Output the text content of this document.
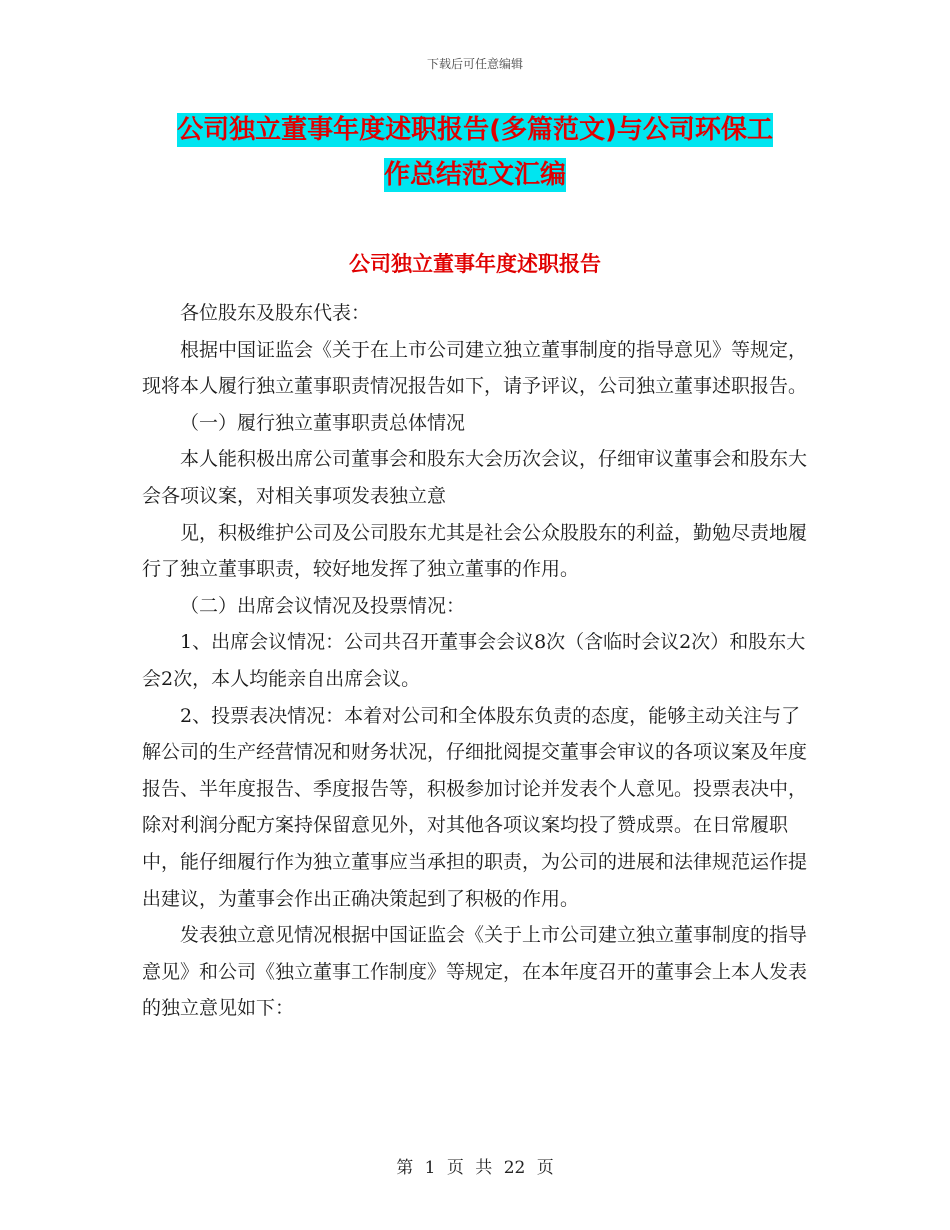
下载后可任意编辑
公司独立董事年度述职报告(多篇范文)与公司环保工
作总结范文汇编
公司独立董事年度述职报告

各位股东及股东代表：

根据中国证监会《关于在上市公司建立独立董事制度的指导意见》等规定，现将本人履行独立董事职责情况报告如下，请予评议，公司独立董事述职报告。

（一）履行独立董事职责总体情况

本人能积极出席公司董事会和股东大会历次会议，仔细审议董事会和股东大会各项议案，对相关事项发表独立意

见，积极维护公司及公司股东尤其是社会公众股股东的利益，勤勉尽责地履行了独立董事职责，较好地发挥了独立董事的作用。

（二）出席会议情况及投票情况：

1、出席会议情况：公司共召开董事会会议8次（含临时会议2次）和股东大会2次，本人均能亲自出席会议。

2、投票表决情况：本着对公司和全体股东负责的态度，能够主动关注与了解公司的生产经营情况和财务状况，仔细批阅提交董事会审议的各项议案及年度报告、半年度报告、季度报告等，积极参加讨论并发表个人意见。投票表决中，除对利润分配方案持保留意见外，对其他各项议案均投了赞成票。在日常履职中，能仔细履行作为独立董事应当承担的职责，为公司的进展和法律规范运作提出建议，为董事会作出正确决策起到了积极的作用。

发表独立意见情况根据中国证监会《关于上市公司建立独立董事制度的指导意见》和公司《独立董事工作制度》等规定，在本年度召开的董事会上本人发表的独立意见如下：

第 1 页 共 22 页
